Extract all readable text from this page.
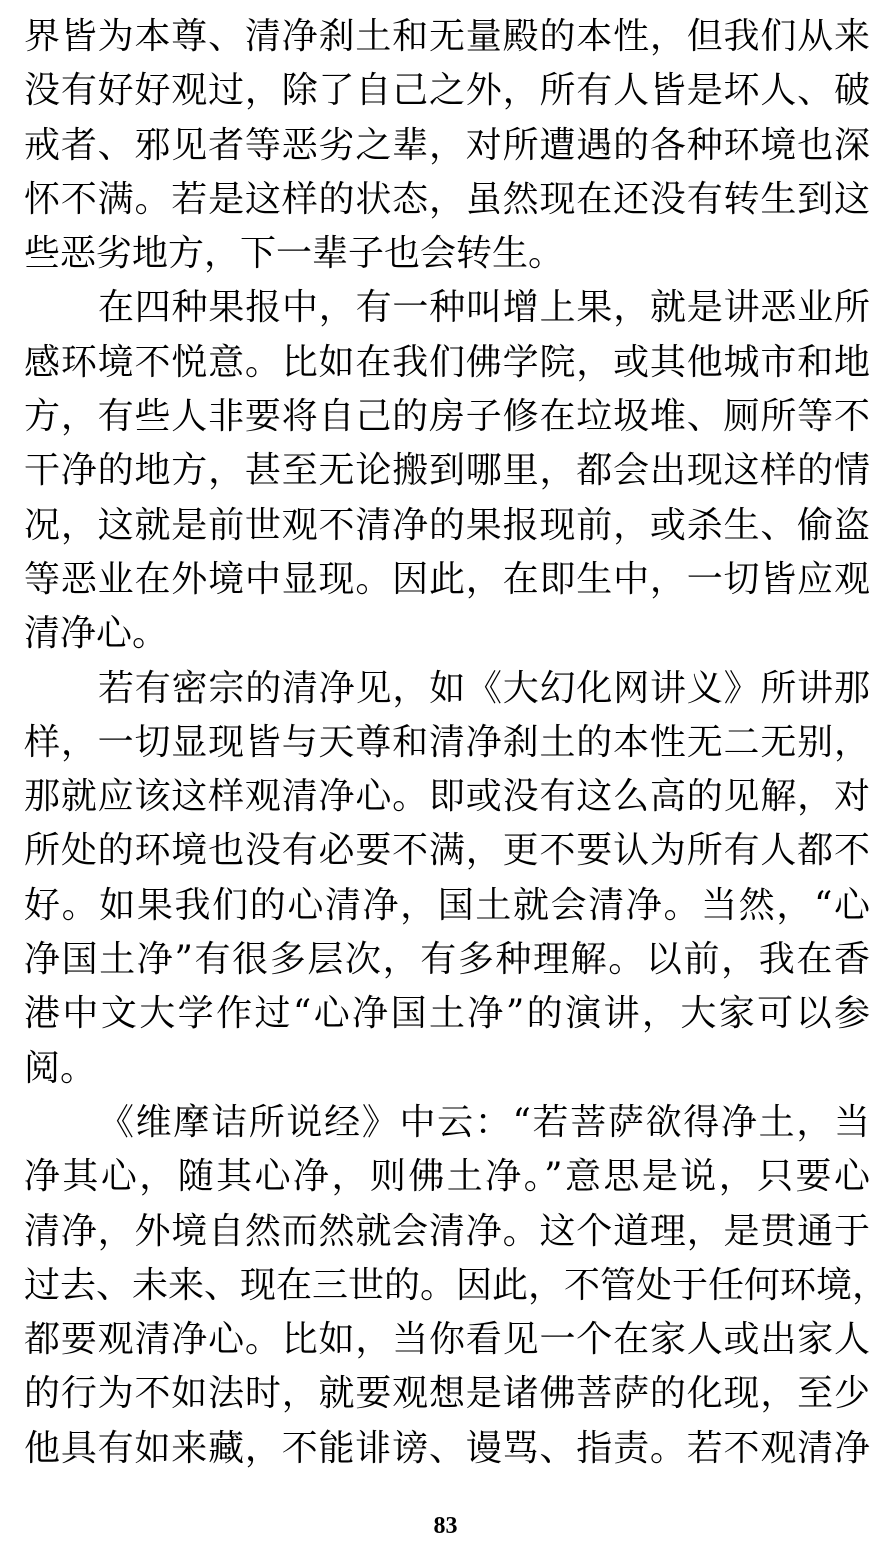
界皆为本尊、清净刹土和无量殿的本性，但我们从来
没有好好观过，除了自己之外，所有人皆是坏人、破
戒者、邪见者等恶劣之辈，对所遭遇的各种环境也深
怀不满。若是这样的状态，虽然现在还没有转生到这
些恶劣地方，下一辈子也会转生。
在四种果报中，有一种叫增上果，就是讲恶业所
感环境不悦意。比如在我们佛学院，或其他城市和地
方，有些人非要将自己的房子修在垃圾堆、厕所等不
干净的地方，甚至无论搬到哪里，都会出现这样的情
况，这就是前世观不清净的果报现前，或杀生、偷盗
等恶业在外境中显现。因此，在即生中，一切皆应观
清净心。
若有密宗的清净见，如《大幻化网讲义》所讲那
样，一切显现皆与天尊和清净刹土的本性无二无别，
那就应该这样观清净心。即或没有这么高的见解，对
所处的环境也没有必要不满，更不要认为所有人都不
好。如果我们的心清净，国土就会清净。当然，“心
净国土净”有很多层次，有多种理解。以前，我在香
港中文大学作过“心净国土净”的演讲，大家可以参
阅。
《维摩诘所说经》中云：“若菩萨欲得净土，当
净其心，随其心净，则佛土净。”意思是说，只要心
清净，外境自然而然就会清净。这个道理，是贯通于
过去、未来、现在三世的。因此，不管处于任何环境，
都要观清净心。比如，当你看见一个在家人或出家人
的行为不如法时，就要观想是诸佛菩萨的化现，至少
他具有如来藏，不能诽谤、谩骂、指责。若不观清净
83
